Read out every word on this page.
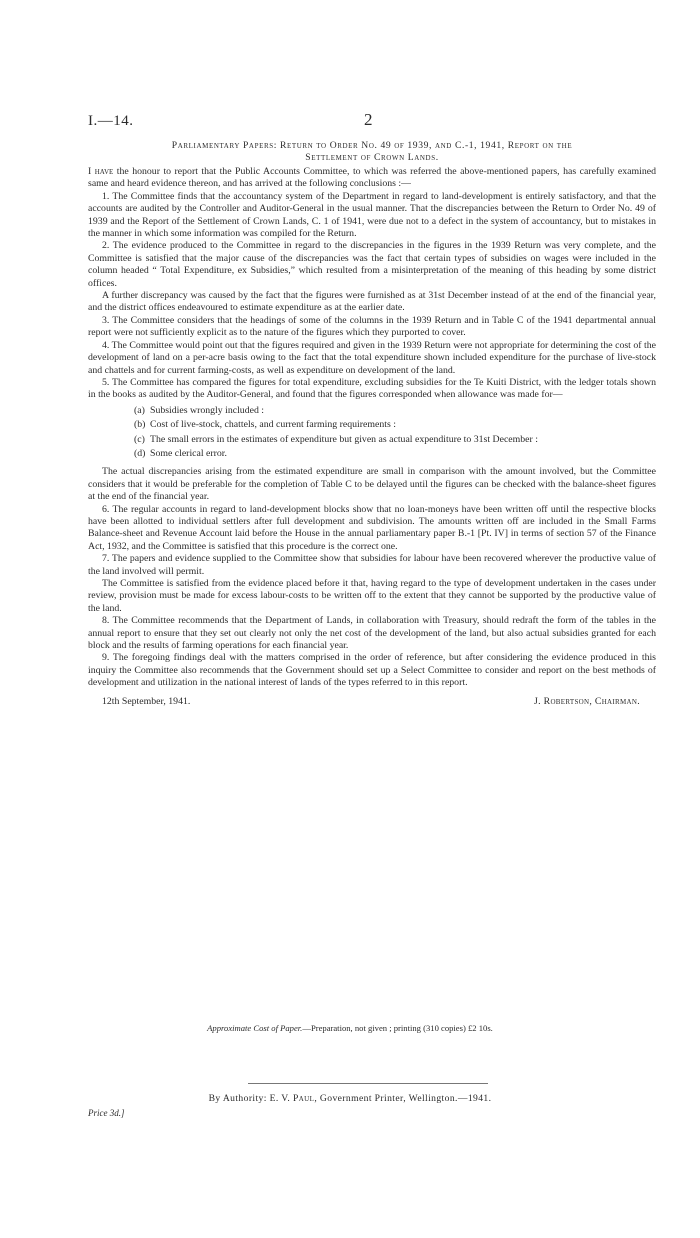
I.—14.	2
Parliamentary Papers: Return to Order No. 49 of 1939, and C.-1, 1941, Report on the
Settlement of Crown Lands.

I have the honour to report that the Public Accounts Committee, to which was referred the above-mentioned papers, has carefully examined same and heard evidence thereon, and has arrived at the following conclusions :—

1. The Committee finds that the accountancy system of the Department in regard to land-development is entirely satisfactory, and that the accounts are audited by the Controller and Auditor-General in the usual manner. That the discrepancies between the Return to Order No. 49 of 1939 and the Report of the Settlement of Crown Lands, C. 1 of 1941, were due not to a defect in the system of accountancy, but to mistakes in the manner in which some information was compiled for the Return.

2. The evidence produced to the Committee in regard to the discrepancies in the figures in the 1939 Return was very complete, and the Committee is satisfied that the major cause of the discrepancies was the fact that certain types of subsidies on wages were included in the column headed “ Total Expenditure, ex Subsidies,” which resulted from a misinterpretation of the meaning of this heading by some district offices.

A further discrepancy was caused by the fact that the figures were furnished as at 31st December instead of at the end of the financial year, and the district offices endeavoured to estimate expenditure as at the earlier date.

3. The Committee considers that the headings of some of the columns in the 1939 Return and in Table C of the 1941 departmental annual report were not sufficiently explicit as to the nature of the figures which they purported to cover.

4. The Committee would point out that the figures required and given in the 1939 Return were not appropriate for determining the cost of the development of land on a per-acre basis owing to the fact that the total expenditure shown included expenditure for the purchase of live-stock and chattels and for current farming-costs, as well as expenditure on development of the land.

5. The Committee has compared the figures for total expenditure, excluding subsidies for the Te Kuiti District, with the ledger totals shown in the books as audited by the Auditor-General, and found that the figures corresponded when allowance was made for—

(a) Subsidies wrongly included :
(b) Cost of live-stock, chattels, and current farming requirements :
(c) The small errors in the estimates of expenditure but given as actual expenditure to 31st December :
(d) Some clerical error.

The actual discrepancies arising from the estimated expenditure are small in comparison with the amount involved, but the Committee considers that it would be preferable for the completion of Table C to be delayed until the figures can be checked with the balance-sheet figures at the end of the financial year.

6. The regular accounts in regard to land-development blocks show that no loan-moneys have been written off until the respective blocks have been allotted to individual settlers after full development and subdivision. The amounts written off are included in the Small Farms Balance-sheet and Revenue Account laid before the House in the annual parliamentary paper B.-1 [Pt. IV] in terms of section 57 of the Finance Act, 1932, and the Committee is satisfied that this procedure is the correct one.

7. The papers and evidence supplied to the Committee show that subsidies for labour have been recovered wherever the productive value of the land involved will permit.

The Committee is satisfied from the evidence placed before it that, having regard to the type of development undertaken in the cases under review, provision must be made for excess labour-costs to be written off to the extent that they cannot be supported by the productive value of the land.

8. The Committee recommends that the Department of Lands, in collaboration with Treasury, should redraft the form of the tables in the annual report to ensure that they set out clearly not only the net cost of the development of the land, but also actual subsidies granted for each block and the results of farming operations for each financial year.

9. The foregoing findings deal with the matters comprised in the order of reference, but after considering the evidence produced in this inquiry the Committee also recommends that the Government should set up a Select Committee to consider and report on the best methods of development and utilization in the national interest of lands of the types referred to in this report.

12th September, 1941.	J. Robertson, Chairman.
Approximate Cost of Paper.—Preparation, not given ; printing (310 copies) £2 10s.
By Authority: E. V. Paul, Government Printer, Wellington.—1941.
Price 3d.]
